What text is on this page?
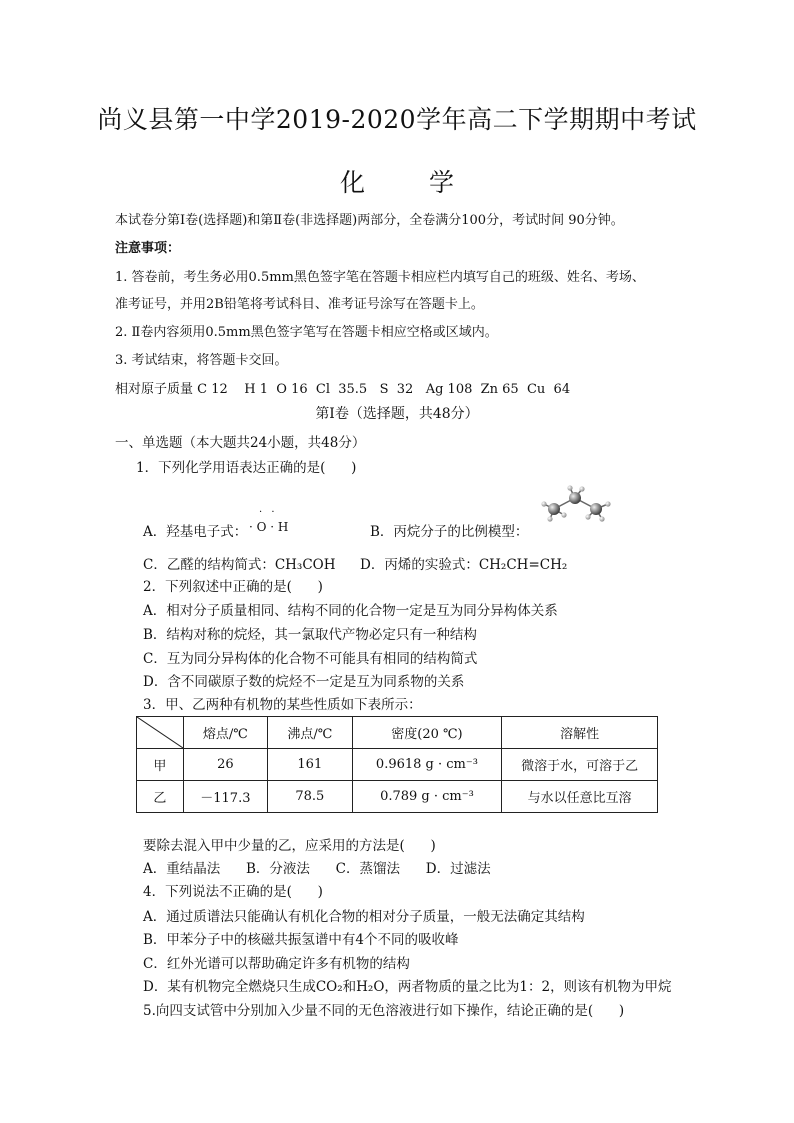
尚义县第一中学2019-2020学年高二下学期期中考试
化 学
本试卷分第Ⅰ卷(选择题)和第Ⅱ卷(非选择题)两部分，全卷满分100分，考试时间 90分钟。
注意事项：
1. 答卷前，考生务必用0.5mm黑色签字笔在答题卡相应栏内填写自己的班级、姓名、考场、
准考证号，并用2B铅笔将考试科目、准考证号涂写在答题卡上。
2. Ⅱ卷内容须用0.5mm黑色签字笔写在答题卡相应空格或区域内。
3. 考试结束，将答题卡交回。
相对原子质量 C 12    H 1  O 16  Cl  35.5   S  32   Ag 108  Zn 65  Cu  64
第Ⅰ卷（选择题，共48分）
一、单选题（本大题共24小题，共48分）
1．下列化学用语表达正确的是(      )
A．羟基电子式：
· ·
· O · H	B．丙烷分子的比例模型：
C．乙醛的结构简式：CH₃COH D．丙烯的实验式：CH₂CH=CH₂
2．下列叙述中正确的是(      )
A．相对分子质量相同、结构不同的化合物一定是互为同分异构体关系
B．结构对称的烷烃，其一氯取代产物必定只有一种结构
C．互为同分异构体的化合物不可能具有相同的结构简式
D．含不同碳原子数的烷烃不一定是互为同系物的关系
3．甲、乙两种有机物的某些性质如下表所示：
	熔点/℃	沸点/℃	密度(20 ℃)	溶解性
甲	26	161	0.9618 g · cm⁻³	微溶于水，可溶于乙
乙	－117.3	78.5	0.789 g · cm⁻³	与水以任意比互溶
要除去混入甲中少量的乙，应采用的方法是(      )
A．重结晶法      B．分液法      C．蒸馏法      D．过滤法
4．下列说法不正确的是(      )
A．通过质谱法只能确认有机化合物的相对分子质量，一般无法确定其结构
B．甲苯分子中的核磁共振氢谱中有4个不同的吸收峰
C．红外光谱可以帮助确定许多有机物的结构
D．某有机物完全燃烧只生成CO₂和H₂O，两者物质的量之比为1：2，则该有机物为甲烷
5.向四支试管中分别加入少量不同的无色溶液进行如下操作，结论正确的是(      )
